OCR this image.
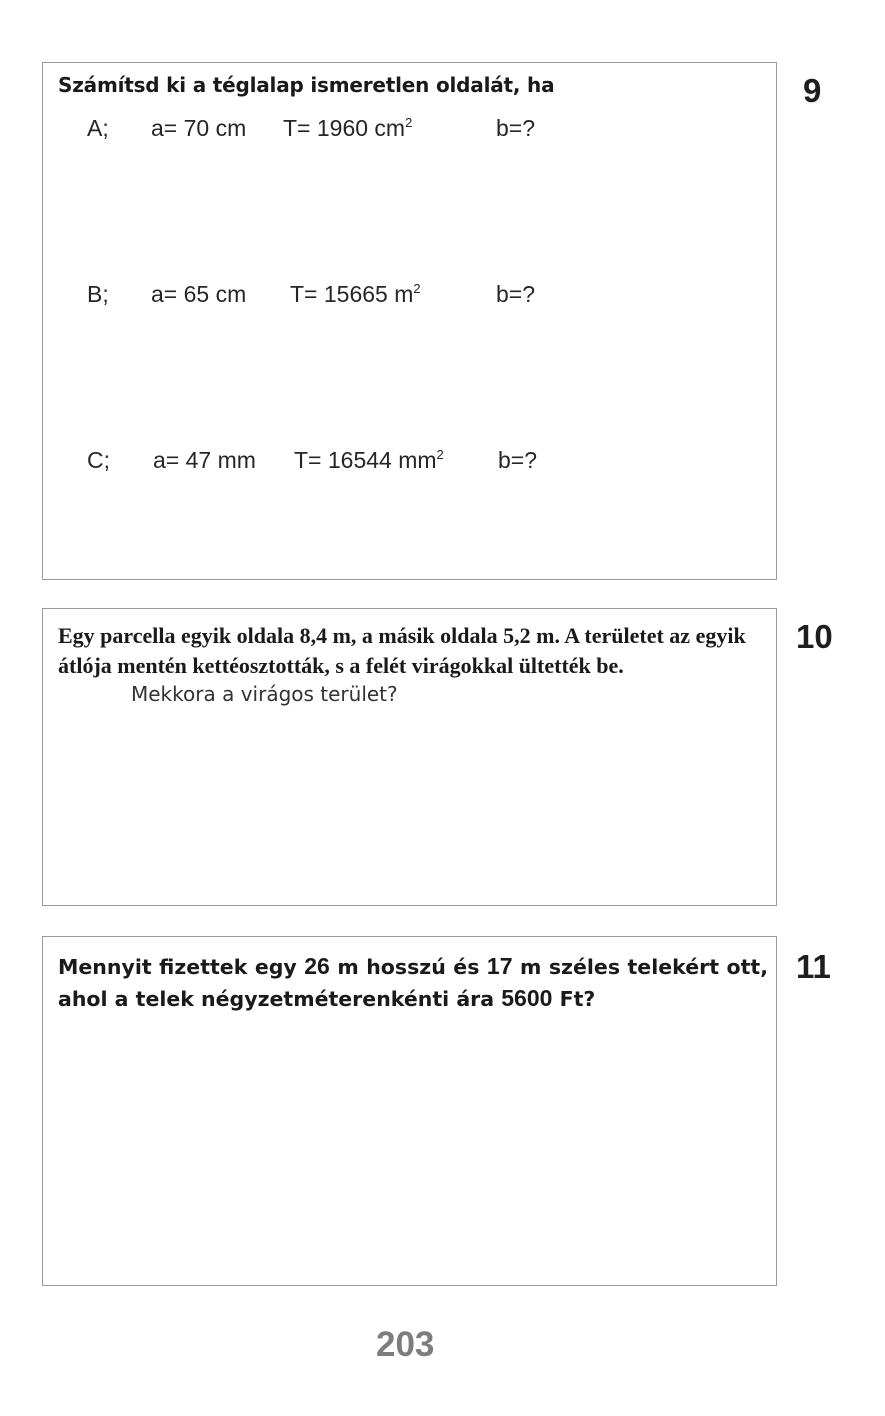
Számítsd ki a téglalap ismeretlen oldalát, ha
A; a= 70 cm T= 1960 $cm^2$	b=?
B; a= 65 cm T= 15665 $m^2$	b=?
C; a= 47 mm T= 16544 $mm^2$ b=?
9
Egy parcella egyik oldala 8,4 m, a másik oldala 5,2 m. A területet az egyik átlója mentén kettéosztották, s a felét virágokkal ültették be.
Mekkora a virágos terület?
10
Mennyit fizettek egy 26 m hosszú és 17 m széles telekért ott, ahol a telek négyzetméterenkénti ára 5600 Ft?
11
203
